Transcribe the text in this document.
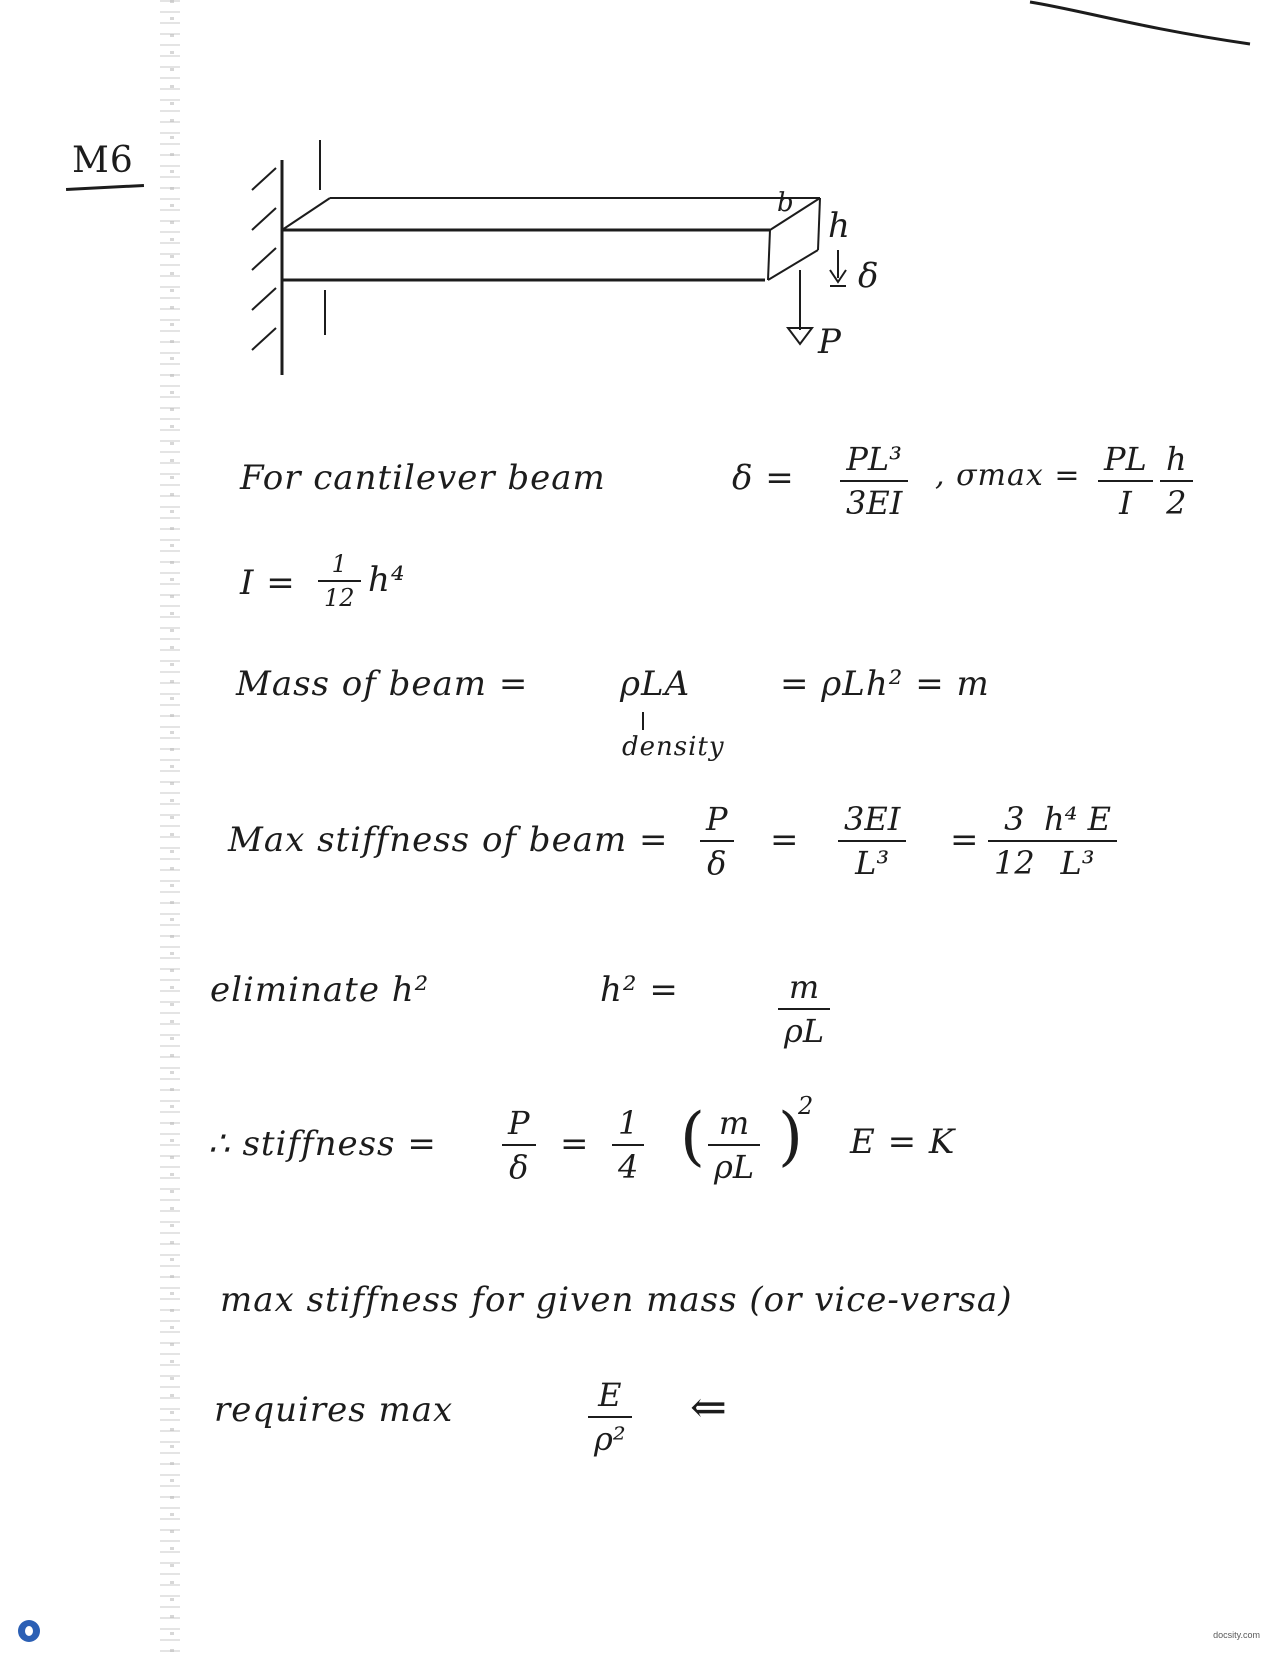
M6
b
h
δ
P
For cantilever beam	δ = PL³
3EI
, σmax = PL
I
h
2
I = 1
12 h⁴
Mass of beam =	ρLA	= ρLh² = m
density
Max stiffness of beam =
P
δ
=
3EI
L³
=
3
12
h⁴ E
L³
eliminate h²	h² =	m
ρL
∴ stiffness =
P
δ
=
1
4 ( m
ρL )
2
E = K
max stiffness for given mass (or vice-versa)
requires max	E
ρ²
⇐
docsity.com
